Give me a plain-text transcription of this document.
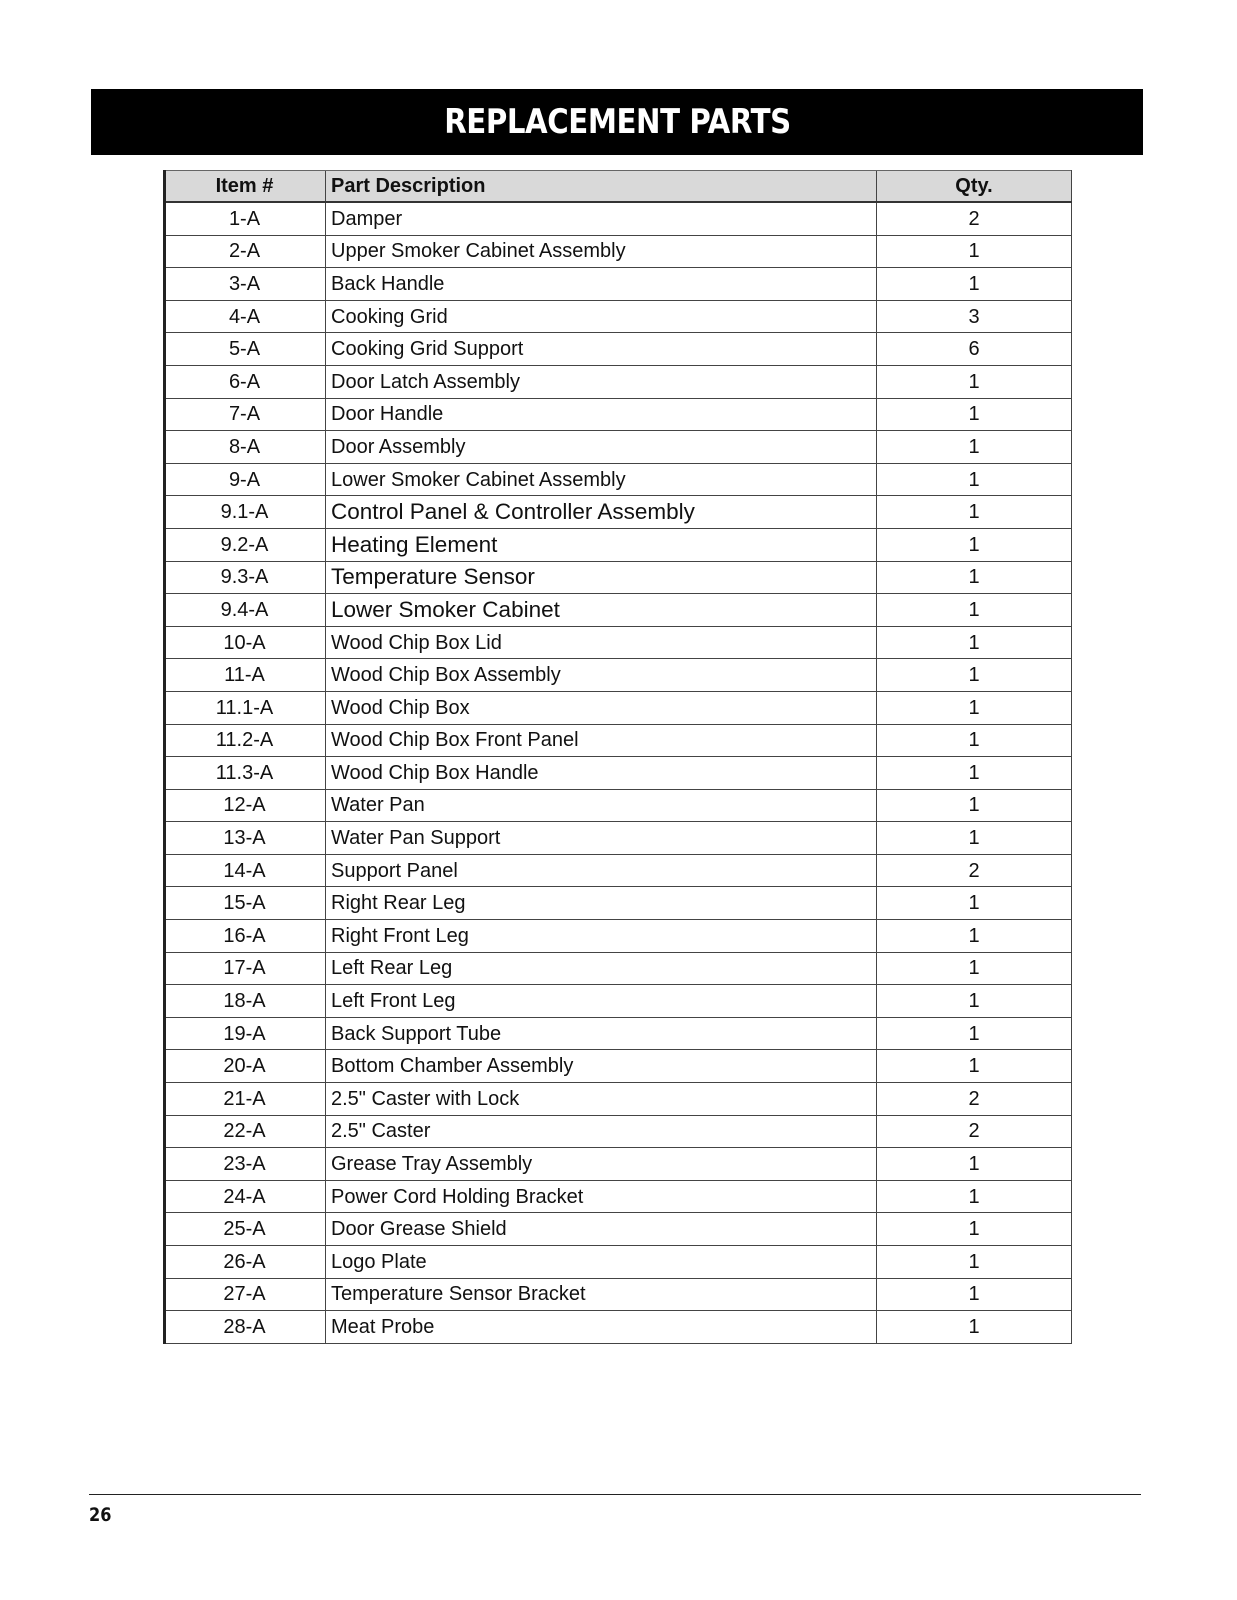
REPLACEMENT PARTS
Item #	Part Description	Qty.
1-A	Damper	2
2-A	Upper Smoker Cabinet Assembly	1
3-A	Back Handle	1
4-A	Cooking Grid	3
5-A	Cooking Grid Support	6
6-A	Door Latch Assembly	1
7-A	Door Handle	1
8-A	Door Assembly	1
9-A	Lower Smoker Cabinet Assembly	1
9.1-A	Control Panel & Controller Assembly	1
9.2-A	Heating Element	1
9.3-A	Temperature Sensor	1
9.4-A	Lower Smoker Cabinet	1
10-A	Wood Chip Box Lid	1
11-A	Wood Chip Box Assembly	1
11.1-A	Wood Chip Box	1
11.2-A	Wood Chip Box Front Panel	1
11.3-A	Wood Chip Box Handle	1
12-A	Water Pan	1
13-A	Water Pan Support	1
14-A	Support Panel	2
15-A	Right Rear Leg	1
16-A	Right Front Leg	1
17-A	Left Rear Leg	1
18-A	Left Front Leg	1
19-A	Back Support Tube	1
20-A	Bottom Chamber Assembly	1
21-A	2.5" Caster with Lock	2
22-A	2.5" Caster	2
23-A	Grease Tray Assembly	1
24-A	Power Cord Holding Bracket	1
25-A	Door Grease Shield	1
26-A	Logo Plate	1
27-A	Temperature Sensor Bracket	1
28-A	Meat Probe	1
26
